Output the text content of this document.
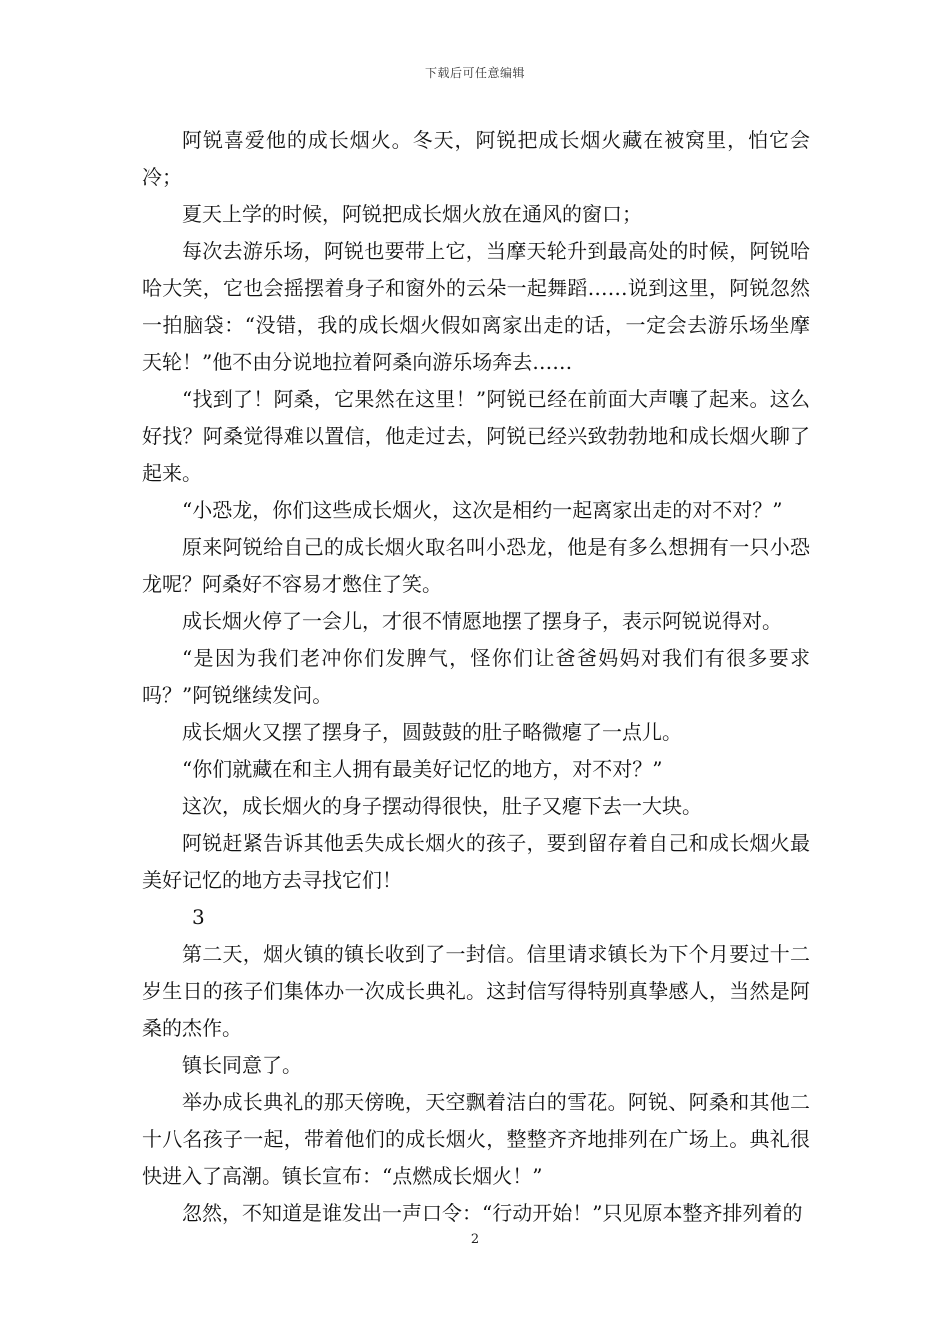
下载后可任意编辑

阿锐喜爱他的成长烟火。冬天，阿锐把成长烟火藏在被窝里，怕它会冷；

夏天上学的时候，阿锐把成长烟火放在通风的窗口；

每次去游乐场，阿锐也要带上它，当摩天轮升到最高处的时候，阿锐哈哈大笑，它也会摇摆着身子和窗外的云朵一起舞蹈……说到这里，阿锐忽然一拍脑袋：“没错，我的成长烟火假如离家出走的话，一定会去游乐场坐摩天轮！”他不由分说地拉着阿桑向游乐场奔去……

“找到了！阿桑，它果然在这里！”阿锐已经在前面大声嚷了起来。这么好找？阿桑觉得难以置信，他走过去，阿锐已经兴致勃勃地和成长烟火聊了起来。

“小恐龙，你们这些成长烟火，这次是相约一起离家出走的对不对？”

原来阿锐给自己的成长烟火取名叫小恐龙，他是有多么想拥有一只小恐龙呢？阿桑好不容易才憋住了笑。

成长烟火停了一会儿，才很不情愿地摆了摆身子，表示阿锐说得对。

“是因为我们老冲你们发脾气，怪你们让爸爸妈妈对我们有很多要求吗？”阿锐继续发问。

成长烟火又摆了摆身子，圆鼓鼓的肚子略微瘪了一点儿。

“你们就藏在和主人拥有最美好记忆的地方，对不对？”

这次，成长烟火的身子摆动得很快，肚子又瘪下去一大块。

阿锐赶紧告诉其他丢失成长烟火的孩子，要到留存着自己和成长烟火最美好记忆的地方去寻找它们！

3

第二天，烟火镇的镇长收到了一封信。信里请求镇长为下个月要过十二岁生日的孩子们集体办一次成长典礼。这封信写得特别真挚感人，当然是阿桑的杰作。

镇长同意了。

举办成长典礼的那天傍晚，天空飘着洁白的雪花。阿锐、阿桑和其他二十八名孩子一起，带着他们的成长烟火，整整齐齐地排列在广场上。典礼很快进入了高潮。镇长宣布：“点燃成长烟火！”

忽然，不知道是谁发出一声口令：“行动开始！”只见原本整齐排列着的

2
